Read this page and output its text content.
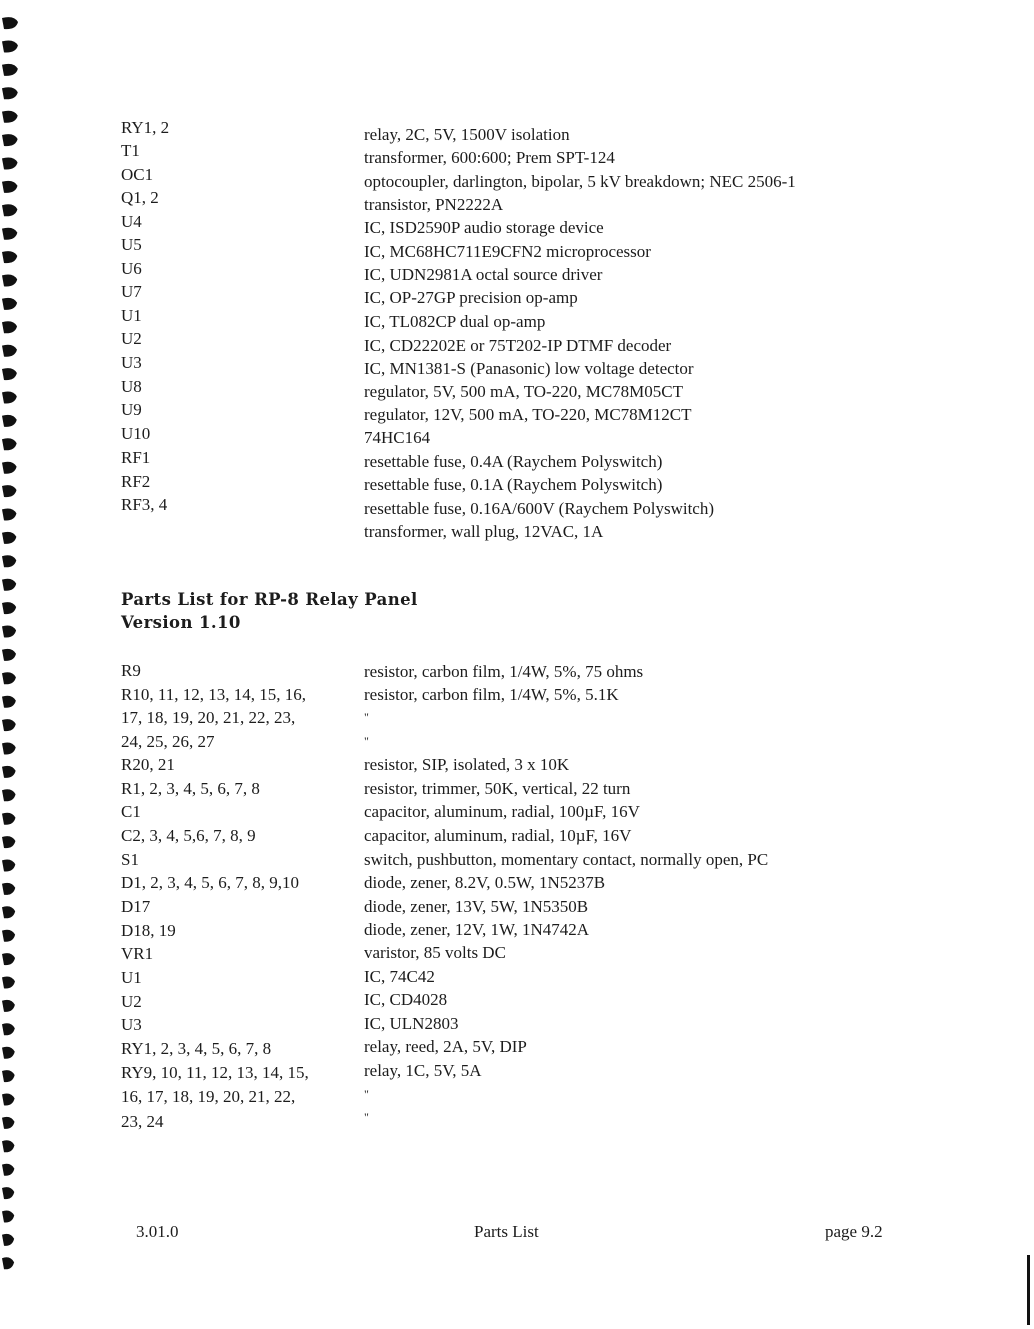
RY1, 2	relay, 2C, 5V, 1500V isolation
T1	transformer, 600:600; Prem SPT-124
OC1	optocoupler, darlington, bipolar, 5 kV breakdown; NEC 2506-1
Q1, 2	transistor, PN2222A
U4	IC, ISD2590P audio storage device
U5	IC, MC68HC711E9CFN2 microprocessor
U6	IC, UDN2981A octal source driver
U7	IC, OP-27GP precision op-amp
U1	IC, TL082CP dual op-amp
U2	IC, CD22202E or 75T202-IP DTMF decoder
U3	IC, MN1381-S (Panasonic) low voltage detector
U8	regulator, 5V, 500 mA, TO-220, MC78M05CT
U9	regulator, 12V, 500 mA, TO-220, MC78M12CT
U10	74HC164
RF1	resettable fuse, 0.4A (Raychem Polyswitch)
RF2	resettable fuse, 0.1A (Raychem Polyswitch)
RF3, 4	resettable fuse, 0.16A/600V (Raychem Polyswitch)
transformer, wall plug, 12VAC, 1A
Parts List for RP-8 Relay Panel
Version 1.10
R9	resistor, carbon film, 1/4W, 5%, 75 ohms
R10, 11, 12, 13, 14, 15, 16,	resistor, carbon film, 1/4W, 5%, 5.1K
17, 18, 19, 20, 21, 22, 23,	"
24, 25, 26, 27	"
R20, 21	resistor, SIP, isolated, 3 x 10K
R1, 2, 3, 4, 5, 6, 7, 8	resistor, trimmer, 50K, vertical, 22 turn
C1	capacitor, aluminum, radial, 100µF, 16V
C2, 3, 4, 5,6, 7, 8, 9	capacitor, aluminum, radial, 10µF, 16V
S1	switch, pushbutton, momentary contact, normally open, PC
D1, 2, 3, 4, 5, 6, 7, 8, 9,10	diode, zener, 8.2V, 0.5W, 1N5237B
D17	diode, zener, 13V, 5W, 1N5350B
D18, 19	diode, zener, 12V, 1W, 1N4742A
VR1	varistor, 85 volts DC
U1	IC, 74C42
U2	IC, CD4028
U3	IC, ULN2803
RY1, 2, 3, 4, 5, 6, 7, 8	relay, reed, 2A, 5V, DIP
RY9, 10, 11, 12, 13, 14, 15,	relay, 1C, 5V, 5A
16, 17, 18, 19, 20, 21, 22,	"
23, 24	"
3.01.0	Parts List	page 9.2
